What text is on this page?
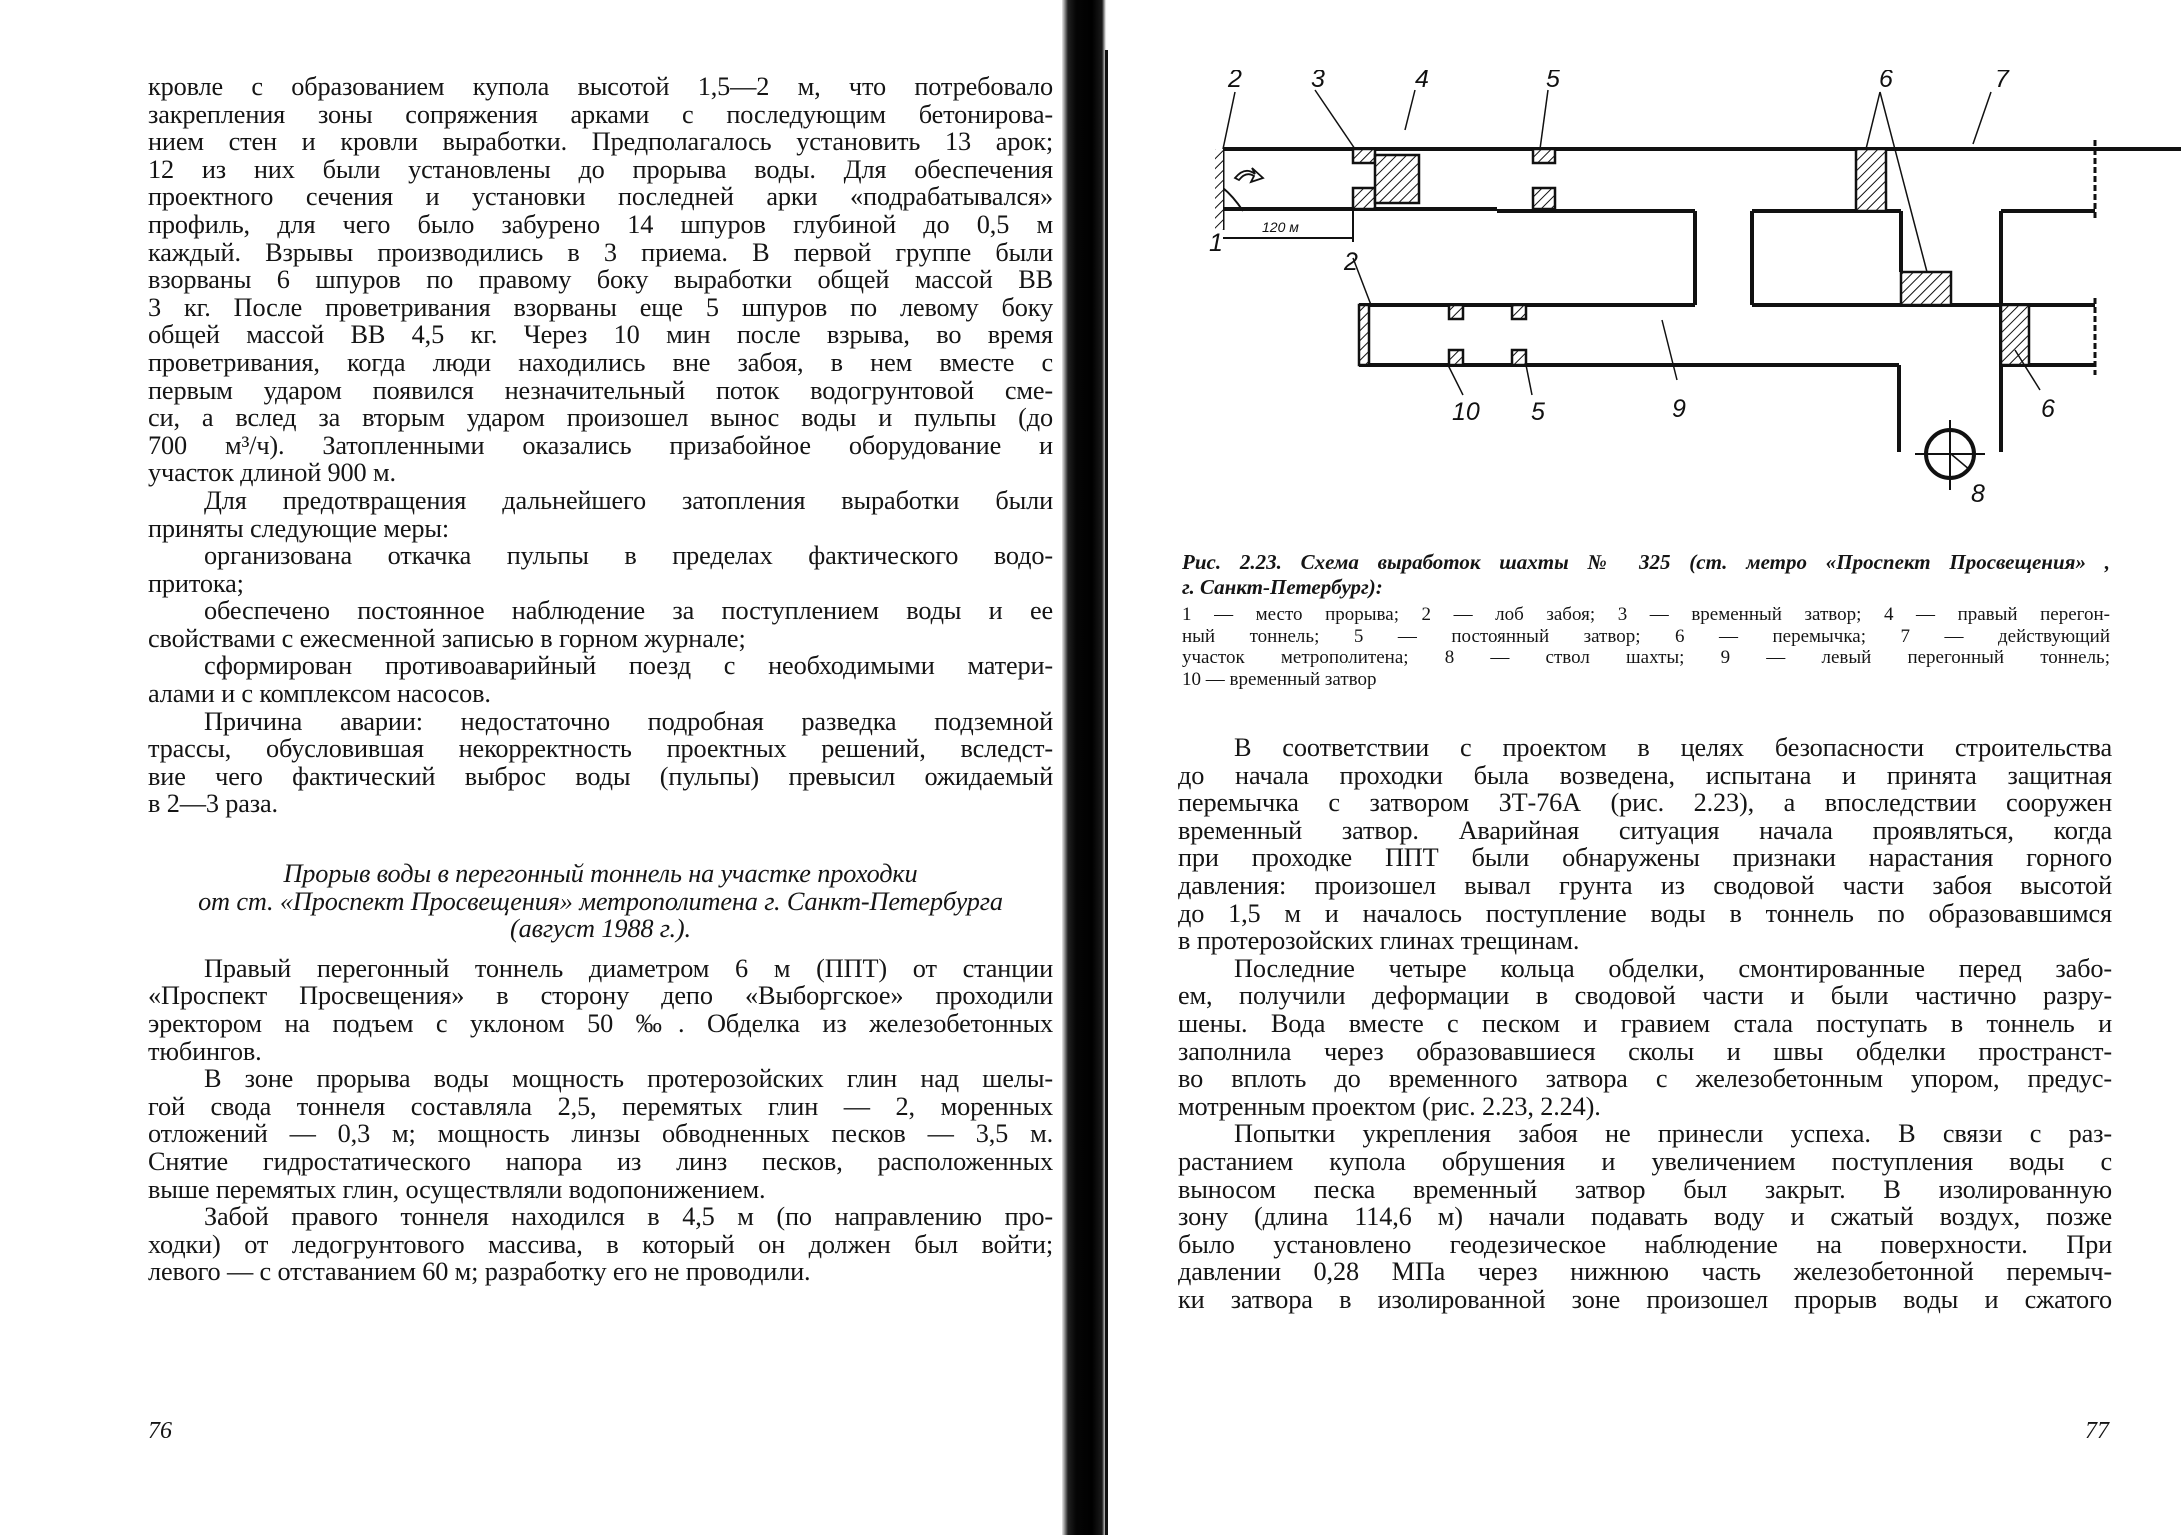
кровле с образованием купола высотой 1,5—2 м, что потребовало
закрепления зоны сопряжения арками с последующим бетонирова-
нием стен и кровли выработки. Предполагалось установить 13 арок;
12 из них были установлены до прорыва воды. Для обеспечения
проектного сечения и установки последней арки «подрабатывался»
профиль, для чего было забурено 14 шпуров глубиной до 0,5 м
каждый. Взрывы производились в 3 приема. В первой группе были
взорваны 6 шпуров по правому боку выработки общей массой ВВ
3 кг. После проветривания взорваны еще 5 шпуров по левому боку
общей массой ВВ 4,5 кг. Через 10 мин после взрыва, во время
проветривания, когда люди находились вне забоя, в нем вместе с
первым ударом появился незначительный поток водогрунтовой сме-
си, а вслед за вторым ударом произошел вынос воды и пульпы (до
700 м³/ч). Затопленными оказались призабойное оборудование и
участок длиной 900 м.
Для предотвращения дальнейшего затопления выработки были
приняты следующие меры:
организована откачка пульпы в пределах фактического водо-
притока;
обеспечено постоянное наблюдение за поступлением воды и ее
свойствами с ежесменной записью в горном журнале;
сформирован противоаварийный поезд с необходимыми матери-
алами и с комплексом насосов.
Причина аварии: недостаточно подробная разведка подземной
трассы, обусловившая некорректность проектных решений, вследст-
вие чего фактический выброс воды (пульпы) превысил ожидаемый
в 2—3 раза.
Прорыв воды в перегонный тоннель на участке проходки
от ст. «Проспект Просвещения» метрополитена г. Санкт-Петербурга
(август 1988 г.).
Правый перегонный тоннель диаметром 6 м (ППТ) от станции
«Проспект Просвещения» в сторону депо «Выборгское» проходили
эректором на подъем с уклоном 50 ‰. Обделка из железобетонных
тюбингов.
В зоне прорыва воды мощность протерозойских глин над шелы-
гой свода тоннеля составляла 2,5, перемятых глин — 2, моренных
отложений — 0,3 м; мощность линзы обводненных песков — 3,5 м.
Снятие гидростатического напора из линз песков, расположенных
выше перемятых глин, осуществляли водопонижением.
Забой правого тоннеля находился в 4,5 м (по направлению про-
ходки) от ледогрунтового массива, в который он должен был войти;
левого — с отставанием 60 м; разработку его не проводили.
76
2	3	4	5	6	7
1
2
10 5	9	6
8
120 м
Рис. 2.23. Схема выработок шахты № 325 (ст. метро «Проспект Просвещения» ,
г. Санкт-Петербург):
1 — место прорыва; 2 — лоб забоя; 3 — временный затвор; 4 — правый перегон-
ный тоннель; 5 — постоянный затвор; 6 — перемычка; 7 — действующий
участок метрополитена; 8 — ствол шахты; 9 — левый перегонный тоннель;
10 — временный затвор
В соответствии с проектом в целях безопасности строительства
до начала проходки была возведена, испытана и принята защитная
перемычка с затвором ЗТ-76А (рис. 2.23), а впоследствии сооружен
временный затвор. Аварийная ситуация начала проявляться, когда
при проходке ППТ были обнаружены признаки нарастания горного
давления: произошел вывал грунта из сводовой части забоя высотой
до 1,5 м и началось поступление воды в тоннель по образовавшимся
в протерозойских глинах трещинам.
Последние четыре кольца обделки, смонтированные перед забо-
ем, получили деформации в сводовой части и были частично разру-
шены. Вода вместе с песком и гравием стала поступать в тоннель и
заполнила через образовавшиеся сколы и швы обделки пространст-
во вплоть до временного затвора с железобетонным упором, предус-
мотренным проектом (рис. 2.23, 2.24).
Попытки укрепления забоя не принесли успеха. В связи с раз-
растанием купола обрушения и увеличением поступления воды с
выносом песка временный затвор был закрыт. В изолированную
зону (длина 114,6 м) начали подавать воду и сжатый воздух, позже
было установлено геодезическое наблюдение на поверхности. При
давлении 0,28 МПа через нижнюю часть железобетонной перемыч-
ки затвора в изолированной зоне произошел прорыв воды и сжатого
77
